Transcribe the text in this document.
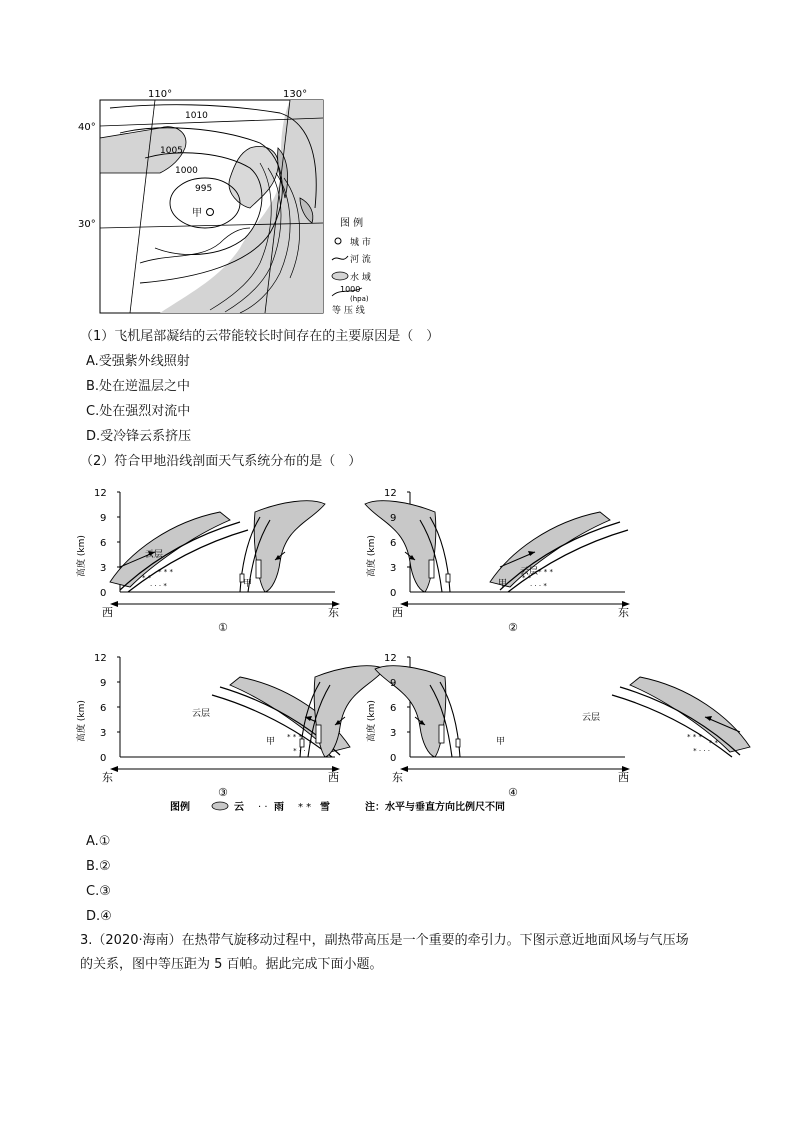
110°	130°
40°
30°
1010
1005
1000
995
甲
图 例
城 市
河 流
水 域
1000
(hpa)
等 压 线
（1）飞机尾部凝结的云带能较长时间存在的主要原因是（　）
A.受强紫外线照射
B.处在逆温层之中
C.处在强烈对流中
D.受冷锋云系挤压
（2）符合甲地沿线剖面天气系统分布的是（　）
12
9
6
3
0
高度 (km)
西	东
①
云层
甲
12
9
6
3
0
高度 (km)
西	东
②
云层
甲
12
9
6
3
0
高度 (km)
东	西
③
云层
甲
12
9
6
3
0
高度 (km)
东	西
④
云层
甲
图例	云 · · 雨 * * 雪	注：水平与垂直方向比例尺不同
A.①
B.②
C.③
D.④
3.（2020·海南）在热带气旋移动过程中，副热带高压是一个重要的牵引力。下图示意近地面风场与气压场
的关系，图中等压距为 5 百帕。据此完成下面小题。
